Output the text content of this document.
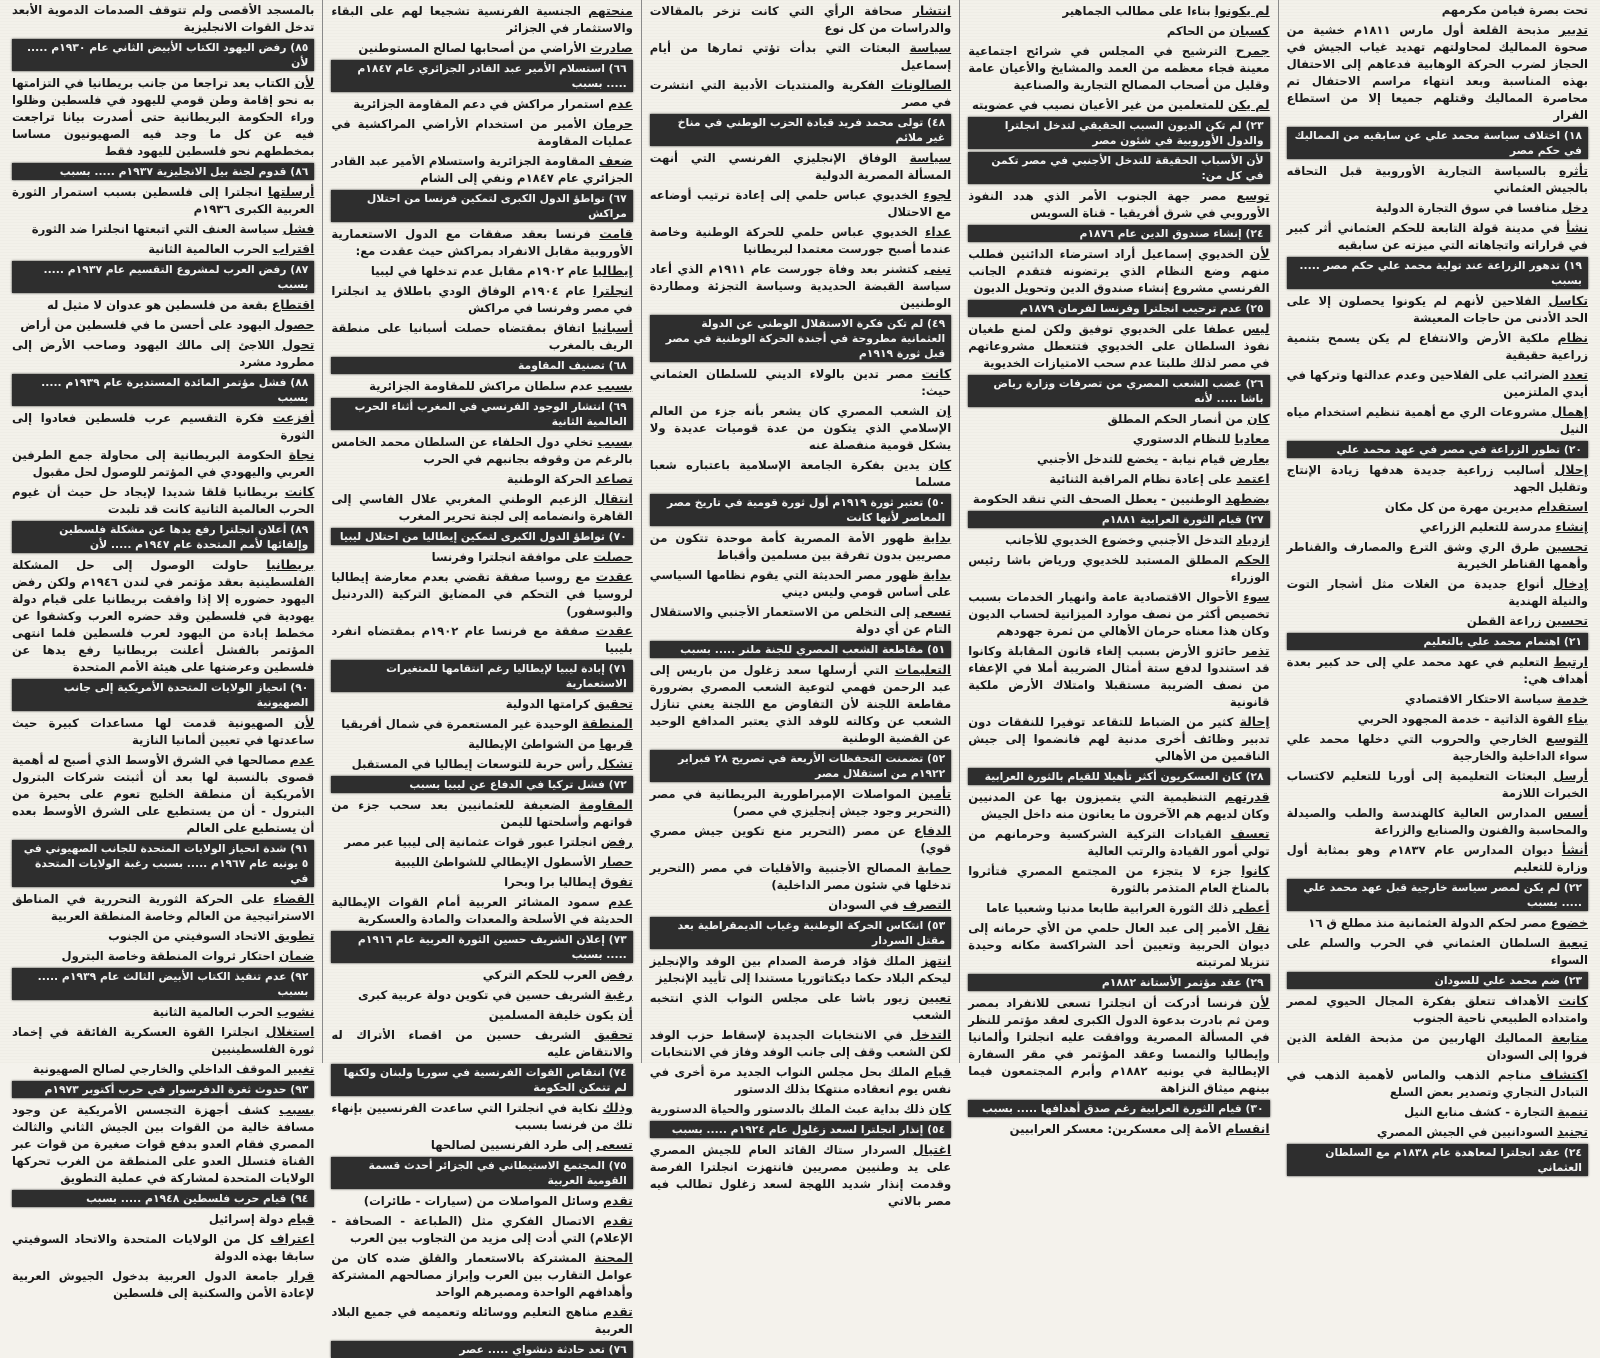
تحت بصرة فيامن مكرمهم

تدبير مذبحة القلعة أول مارس ١٨١١م خشية من صحوة المماليك لمحاولتهم تهديد غياب الجيش في الحجاز لضرب الحركة الوهابية فدعاهم إلى الاحتفال بهذه المناسبة وبعد انتهاء مراسم الاحتفال تم محاصرة المماليك وقتلهم جميعا إلا من استطاع الفرار

١٨) اختلاف سياسة محمد علي عن سابقيه من المماليك في حكم مصر

تأثره بالسياسة التجارية الأوروبية قبل التحاقه بالجيش العثماني

دخل منافسا في سوق التجارة الدولية

نشأ في مدينة قولة التابعة للحكم العثماني أثر كبير في قراراته واتجاهاته التي ميزته عن سابقيه

١٩) تدهور الزراعة عند تولية محمد علي حكم مصر ..... بسبب

تكاسل الفلاحين لأنهم لم يكونوا يحصلون إلا على الحد الأدنى من حاجات المعيشة

نظام ملكية الأرض والانتفاع لم يكن يسمح بتنمية زراعية حقيقية

تعدد الضرائب على الفلاحين وعدم عدالتها وتركها في أيدي الملتزمين

إهمال مشروعات الري مع أهمية تنظيم استخدام مياه النيل

٢٠) تطور الزراعة في مصر في عهد محمد علي

إحلال أساليب زراعية جديدة هدفها زيادة الإنتاج وتقليل الجهد

استقدام مديرين مهرة من كل مكان

إنشاء مدرسة للتعليم الزراعي

تحسين طرق الري وشق الترع والمصارف والقناطر وأهمها القناطر الخيرية

إدخال أنواع جديدة من الغلات مثل أشجار التوت والنيلة الهندية

تحسين زراعة القطن

٢١) اهتمام محمد علي بالتعليم

ارتبط التعليم في عهد محمد علي إلى حد كبير بعدة أهداف هي:

خدمة سياسة الاحتكار الاقتصادي

بناء القوة الذاتية - خدمة المجهود الحربي

التوسع الخارجي والحروب التي دخلها محمد علي سواء الداخلية والخارجية

أرسل البعثات التعليمية إلى أوربا للتعليم لاكتساب الخبرات اللازمة

أسس المدارس العالية كالهندسة والطب والصيدلة والمحاسبة والفنون والصنايع والزراعة

أنشأ ديوان المدارس عام ١٨٣٧م وهو بمثابة أول وزارة للتعليم

٢٢) لم يكن لمصر سياسة خارجية قبل عهد محمد علي ..... بسبب

خضوع مصر لحكم الدولة العثمانية منذ مطلع ق ١٦

تبعية السلطان العثماني في الحرب والسلم على السواء

٢٣) ضم محمد علي للسودان

كانت الأهداف تتعلق بفكرة المجال الحيوي لمصر وامتداده الطبيعي ناحية الجنوب

متابعة المماليك الهاربين من مذبحة القلعة الذين فروا إلى السودان

اكتشاف مناجم الذهب والماس لأهمية الذهب في التبادل التجاري وتصدير بعض السلع

تنمية التجارة - كشف منابع النيل

تجنيد السودانيين في الجيش المصري

٢٤) عقد انجلترا لمعاهدة عام ١٨٣٨م مع السلطان العثماني

لم يكونوا بناءا على مطالب الجماهير

كسبان من الحاكم

جمرح الترشيح في المجلس في شرائح اجتماعية معينة فجاء معظمه من العمد والمشايخ والأعيان عامة وقليل من أصحاب المصالح التجارية والصناعية

لم يكن للمتعلمين من غير الأعيان نصيب في عضويته

٢٣) لم تكن الديون السبب الحقيقي لتدخل انجلترا والدول الأوروبية في شئون مصر
لأن الأسباب الحقيقة للتدخل الأجنبي في مصر تكمن في كل من:

توسع مصر جهة الجنوب الأمر الذي هدد النفوذ الأوروبي في شرق أفريقيا - قناة السويس

٢٤) إنشاء صندوق الدين عام ١٨٧٦م

لأن الخديوي إسماعيل أراد استرضاء الدائنين فطلب منهم وضع النظام الذي يرتضونه فتقدم الجانب الفرنسي مشروع إنشاء صندوق الدين وتحويل الديون

٢٥) عدم ترحيب انجلترا وفرنسا لفرمان ١٨٧٩م

ليس عطفا على الخديوي توفيق ولكن لمنع طغيان نفوذ السلطان على الخديوي فتتعطل مشروعاتهم في مصر لذلك طلبتا عدم سحب الامتيازات الخديوية

٢٦) غضب الشعب المصري من تصرفات وزارة رياض باشا ..... لأنه

كان من أنصار الحكم المطلق

معاديا للنظام الدستوري

يعارض قيام نيابة - يخضع للتدخل الأجنبي

اعتمد على إعادة نظام المراقبة الثنائية

يضطهد الوطنيين - يعطل الصحف التي تنقد الحكومة

٢٧) قيام الثورة العرابية ١٨٨١م

ازدياد التدخل الأجنبي وخضوع الخديوي للأجانب

الحكم المطلق المستبد للخديوي ورياض باشا رئيس الوزراء

سوء الأحوال الاقتصادية عامة وانهيار الخدمات بسبب تخصيص أكثر من نصف موارد الميزانية لحساب الديون وكان هذا معناه حرمان الأهالي من ثمرة جهودهم

تذمر حائزو الأرض بسبب إلغاء قانون المقابلة وكانوا قد استندوا لدفع ستة أمثال الضريبة أملا في الإعفاء من نصف الضريبة مستقبلا وامتلاك الأرض ملكية قانونية

إحالة كثير من الضباط للتقاعد توفيرا للنفقات دون تدبير وظائف أخرى مدنية لهم فانضموا إلى جيش الناقمين من الأهالي

٢٨) كان العسكريون أكثر تأهيلا للقيام بالثورة العرابية

قدرتهم التنظيمية التي يتميزون بها عن المدنيين وكان لديهم هم الآخرون ما يعانون منه داخل الجيش

تعسف القيادات التركية الشركسية وحرمانهم من تولي أمور القيادة والرتب العالية

كانوا جزء لا يتجزء من المجتمع المصري فتأثروا بالمناخ العام المتذمر بالثورة

أعطى ذلك الثورة العرابية طابعا مدنيا وشعبيا عاما

نقل الأمير إلى عبد العال حلمي من الأي حرمانه إلى ديوان الحربية وتعيين أحد الشراكسة مكانه وحيدة تنزيلا لمرتبته

٢٩) عقد مؤتمر الأستانة ١٨٨٢م

لأن فرنسا أدركت أن انجلترا تسعى للانفراد بمصر ومن ثم بادرت بدعوة الدول الكبرى لعقد مؤتمر للنظر في المسألة المصرية ووافقت عليه انجلترا وألمانيا وإيطاليا والنمسا وعقد المؤتمر في مقر السفارة الإيطالية في يونيه ١٨٨٢م وأبرم المجتمعون فيما بينهم ميثاق النزاهة

٣٠) قيام الثورة العرابية رغم صدق أهدافها ..... بسبب

انقسام الأمة إلى معسكرين: معسكر العرابيين

انتشار صحافة الرأي التي كانت تزخر بالمقالات والدراسات من كل نوع

سياسة البعثات التي بدأت تؤتي ثمارها من أيام إسماعيل

الصالونات الفكرية والمنتديات الأدبية التي انتشرت في مصر

٤٨) تولى محمد فريد قيادة الحزب الوطني في مناخ غير ملائم

سياسة الوفاق الإنجليزي الفرنسي التي أنهت المسألة المصرية الدولية

لجوء الخديوي عباس حلمي إلى إعادة ترتيب أوضاعه مع الاحتلال

عداء الخديوي عباس حلمي للحركة الوطنية وخاصة عندما أصبح جورست معتمدا لبريطانيا

تبنى كتشنر بعد وفاة جورست عام ١٩١١م الذي أعاد سياسة القبضة الحديدية وسياسة التجزئة ومطاردة الوطنيين

٤٩) لم تكن فكرة الاستقلال الوطني عن الدولة العثمانية مطروحة في أجندة الحركة الوطنية في مصر قبل ثورة ١٩١٩م

كانت مصر تدين بالولاء الديني للسلطان العثماني حيث:

إن الشعب المصري كان يشعر بأنه جزء من العالم الإسلامي الذي يتكون من عدة قوميات عديدة ولا يشكل قومية منفصلة عنه

كان يدين بفكرة الجامعة الإسلامية باعتباره شعبا مسلما

٥٠) تعتبر ثورة ١٩١٩م أول ثورة قومية في تاريخ مصر المعاصر لأنها كانت

بداية ظهور الأمة المصرية كأمة موحدة تتكون من مصريين بدون تفرقة بين مسلمين وأقباط

بداية ظهور مصر الحديثة التي يقوم نظامها السياسي على أساس قومي وليس ديني

تسعى إلى التخلص من الاستعمار الأجنبي والاستقلال التام عن أي دولة

٥١) مقاطعة الشعب المصري للجنة ملنر ..... بسبب

التعليمات التي أرسلها سعد زغلول من باريس إلى عبد الرحمن فهمي لتوعية الشعب المصري بضرورة مقاطعة اللجنة لأن التفاوض مع اللجنة يعني تنازل الشعب عن وكالته للوفد الذي يعتبر المدافع الوحيد عن القضية الوطنية

٥٢) تضمنت التحفظات الأربعة في تصريح ٢٨ فبراير ١٩٢٢م من استقلال مصر

تأمين المواصلات الإمبراطورية البريطانية في مصر (التحرير وجود جيش إنجليزي في مصر)

الدفاع عن مصر (التحرير منع تكوين جيش مصري قوي)

حماية المصالح الأجنبية والأقليات في مصر (التحرير تدخلها في شئون مصر الداخلية)

التصرف في السودان

٥٣) انتكاس الحركة الوطنية وغياب الديمقراطية بعد مقتل السردار

انتهز الملك فؤاد فرصة الصدام بين الوفد والإنجليز ليحكم البلاد حكما ديكتاتوريا مستندا إلى تأييد الإنجليز

تعيين زيور باشا على مجلس النواب الذي انتخبه الشعب

التدخل في الانتخابات الجديدة لإسقاط حزب الوفد لكن الشعب وقف إلى جانب الوفد وفاز في الانتخابات

قيام الملك بحل مجلس النواب الجديد مرة أخرى في نفس يوم انعقاده منتهكا بذلك الدستور

كان ذلك بداية عبث الملك بالدستور والحياة الدستورية

٥٤) إنذار انجلترا لسعد زغلول عام ١٩٢٤م ..... بسبب

اغتيال السردار ستاك القائد العام للجيش المصري على يد وطنيين مصريين فانتهزت انجلترا الفرصة وقدمت إنذار شديد اللهجة لسعد زغلول تطالب فيه مصر بالاتي

منحتهم الجنسية الفرنسية تشجيعا لهم على البقاء والاستثمار في الجزائر

صادرت الأراضي من أصحابها لصالح المستوطنين

٦٦) استسلام الأمير عبد القادر الجزائري عام ١٨٤٧م ..... بسبب

عدم استمرار مراكش في دعم المقاومة الجزائرية

حرمان الأمير من استخدام الأراضي المراكشية في عمليات المقاومة

ضعف المقاومة الجزائرية واستسلام الأمير عبد القادر الجزائري عام ١٨٤٧م ونفي إلى الشام

٦٧) تواطؤ الدول الكبرى لتمكين فرنسا من احتلال مراكش

قامت فرنسا بعقد صفقات مع الدول الاستعمارية الأوروبية مقابل الانفراد بمراكش حيث عقدت مع:

إيطاليا عام ١٩٠٢م مقابل عدم تدخلها في ليبيا

انجلترا عام ١٩٠٤م الوفاق الودي باطلاق يد انجلترا في مصر وفرنسا في مراكش

أسبانيا اتفاق بمقتضاه حصلت أسبانيا على منطقة الريف بالمغرب

٦٨) تصنيف المقاومة

بسبب عدم سلطان مراكش للمقاومة الجزائرية

٦٩) انتشار الوجود الفرنسي في المغرب أثناء الحرب العالمية الثانية

بسبب تخلي دول الحلفاء عن السلطان محمد الخامس بالرغم من وقوفه بجانبهم في الحرب

تصاعد الحركة الوطنية

انتقال الزعيم الوطني المغربي علال الفاسي إلى القاهرة وانضمامه إلى لجنة تحرير المغرب

٧٠) تواطؤ الدول الكبرى لتمكين إيطاليا من احتلال ليبيا

حصلت على موافقة انجلترا وفرنسا

عقدت مع روسيا صفقة تقضي بعدم معارضة إيطاليا لروسيا في التحكم في المضايق التركية (الدردنيل والبوسفور)

عقدت صفقة مع فرنسا عام ١٩٠٢م بمقتضاه انفرد بليبيا

٧١) إبادة ليبيا لإيطاليا رغم انتقامها للمتغيرات الاستعمارية

تحقيق كرامتها الدولية

المنطقة الوحيدة غير المستعمرة في شمال أفريقيا

قربها من الشواطئ الإيطالية

تشكل رأس حربة للتوسعات إيطاليا في المستقبل

٧٢) فشل تركيا في الدفاع عن ليبيا بسبب

المقاومة الضعيفة للعثمانيين بعد سحب جزء من قواتهم وأسلحتها لليمن

رفض انجلترا عبور قوات عثمانية إلى ليبيا عبر مصر

حصار الأسطول الإيطالي للشواطئ الليبية

تفوق إيطاليا برا وبحرا

عدم سمود المشائر العربية أمام القوات الإيطالية الحديثة في الأسلحة والمعدات والمادة والعسكرية

٧٣) إعلان الشريف حسين الثورة العربية عام ١٩١٦م ..... بسبب

رفض العرب للحكم التركي

رغبة الشريف حسين في تكوين دولة عربية كبرى

أن يكون خليفة المسلمين

تحقيق الشريف حسين من اقصاء الأتراك له والانتقاض عليه

٧٤) انتقاص القوات الفرنسية في سوريا ولبنان ولكنها لم تتمكن الحكومة

وذلك نكاية في انجلترا التي ساعدت الفرنسيين بإنهاء تلك من فرنسا بسبب

تسعى إلى طرد الفرنسيين لصالحها

٧٥) المجتمع الاستيطاني في الجزائر أحدث قسمة القومية العربية

تقدم وسائل المواصلات من (سيارات - طائرات)

تقدم الاتصال الفكري مثل (الطباعة - الصحافة - الإعلام) التي أدت إلى مزيد من التجاوب بين العرب

المحنة المشتركة بالاستعمار والقلق ضده كان من عوامل التقارب بين العرب وإبراز مصالحهم المشتركة وأهدافهم الواحدة ومصيرهم الواحد

تقدم مناهج التعليم ووسائله وتعميمه في جميع البلاد العربية

٧٦) تعد حادثة دنشواي ..... عصر

بالمسجد الأقصى ولم تتوقف الصدمات الدموية الأبعد تدخل القوات الانجليزية

٨٥) رفض اليهود الكتاب الأبيض الثاني عام ١٩٣٠م ..... لأن

لأن الكتاب يعد تراجعا من جانب بريطانيا في التزامتها به نحو إقامة وطن قومي لليهود في فلسطين وظلوا وراء الحكومة البريطانية حتى أصدرت بيانا تراجعت فيه عن كل ما وجد فيه الصهيونيون مساسا بمخططهم نحو فلسطين لليهود فقط

٨٦) قدوم لجنة بيل الانجليزية ١٩٣٧م ..... بسبب

أرسلتها انجلترا إلى فلسطين بسبب استمرار الثورة العربية الكبرى ١٩٣٦م

فشل سياسة العنف التي اتبعتها انجلترا ضد الثورة

اقتراب الحرب العالمية الثانية

٨٧) رفض العرب لمشروع التقسيم عام ١٩٣٧م ..... بسبب

اقتطاع بقعة من فلسطين هو عدوان لا مثيل له

حصول اليهود على أحسن ما في فلسطين من أراض

تحول اللاجئ إلى مالك اليهود وصاحب الأرض إلى مطرود مشرد

٨٨) فشل مؤتمر المائدة المستديرة عام ١٩٣٩م ..... بسبب

أفزعت فكرة التقسيم عرب فلسطين فعادوا إلى الثورة

نجاة الحكومة البريطانية إلى محاولة جمع الطرفين العربي واليهودي في المؤتمر للوصول لحل مقبول

كانت بريطانيا قلقا شديدا لإيجاد حل حيث أن غيوم الحرب العالمية الثانية كانت قد تلبدت

٨٩) أعلان انجلترا رفع يدها عن مشكلة فلسطين وإلقائها لأمم المتحدة عام ١٩٤٧م ..... لأن

بريطانيا حاولت الوصول إلى حل المشكلة الفلسطينية بعقد مؤتمر في لندن ١٩٤٦م ولكن رفض اليهود حضوره إلا إذا وافقت بريطانيا على قيام دولة يهودية في فلسطين وقد حضره العرب وكشفوا عن مخطط إبادة من اليهود لعرب فلسطين فلما انتهى المؤتمر بالفشل أعلنت بريطانيا رفع يدها عن فلسطين وعرضتها على هيئة الأمم المتحدة

٩٠) انحياز الولايات المتحدة الأمريكية إلى جانب الصهيونية

لأن الصهيونية قدمت لها مساعدات كبيرة حيث ساعدتها في تعيين ألمانيا النازية

عدم مصالحها في الشرق الأوسط الذي أصبح له أهمية قصوى بالنسبة لها بعد أن أثبتت شركات البترول الأمريكية أن منطقة الخليج تعوم على بحيرة من البترول - أن من يستطيع على الشرق الأوسط بعده أن يستطيع على العالم

٩١) شدة انحياز الولايات المتحدة للجانب الصهيوني في ٥ يونيه عام ١٩٦٧م ..... بسبب رغبة الولايات المتحدة في

القضاء على الحركة الثورية التحررية في المناطق الاستراتيجية من العالم وخاصة المنطقة العربية

تطويق الاتحاد السوفيتي من الجنوب

ضمان احتكار ثروات المنطقة وخاصة البترول

٩٢) عدم تنفيذ الكتاب الأبيض الثالث عام ١٩٣٩م ..... بسبب

نشوب الحرب العالمية الثانية

استغلال انجلترا القوة العسكرية الفائقة في إخماد ثورة الفلسطينيين

تغيير الموقف الداخلي والخارجي لصالح الصهيونية

٩٣) حدوث ثغرة الدفرسوار في حرب أكتوبر ١٩٧٣م

بسبب كشف أجهزة التجسس الأمريكية عن وجود مسافة خالية من القوات بين الجيش الثاني والثالث المصري فقام العدو بدفع قوات صغيرة من قوات عبر القناة فتسلل العدو على المنطقة من الغرب تحركها الولايات المتحدة لمشاركة في عملية التطويق

٩٤) قيام حرب فلسطين ١٩٤٨م ..... بسبب

قيام دولة إسرائيل

اعتراف كل من الولايات المتحدة والاتحاد السوفيتي سابقا بهذه الدولة

قرار جامعة الدول العربية بدخول الجيوش العربية لإعادة الأمن والسكنية إلى فلسطين
